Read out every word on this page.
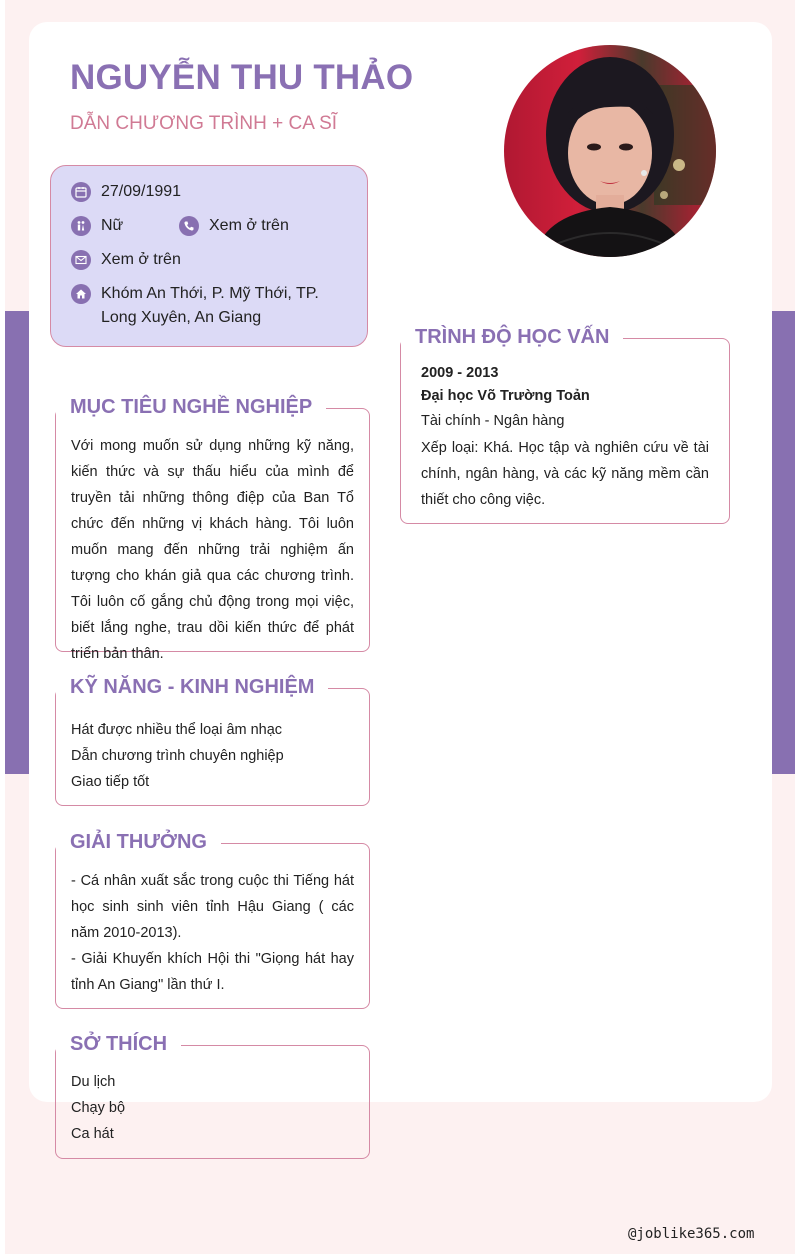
NGUYỄN THU THẢO
DẪN CHƯƠNG TRÌNH + CA SĨ
27/09/1991
Nữ	Xem ở trên
Xem ở trên
Khóm An Thới, P. Mỹ Thới, TP.
Long Xuyên, An Giang
TRÌNH ĐỘ HỌC VẤN
2009 - 2013
Đại học Võ Trường Toản
Tài chính - Ngân hàng
Xếp loại: Khá. Học tập và nghiên cứu về tài chính, ngân hàng, và các kỹ năng mềm cần thiết cho công việc.
MỤC TIÊU NGHỀ NGHIỆP
Với mong muốn sử dụng những kỹ năng, kiến thức và sự thấu hiểu của mình để truyền tải những thông điệp của Ban Tổ chức đến những vị khách hàng. Tôi luôn muốn mang đến những trải nghiệm ấn tượng cho khán giả qua các chương trình. Tôi luôn cố gắng chủ động trong mọi việc, biết lắng nghe, trau dồi kiến thức để phát triển bản thân.
KỸ NĂNG - KINH NGHIỆM
Hát được nhiều thể loại âm nhạc
Dẫn chương trình chuyên nghiệp
Giao tiếp tốt
GIẢI THƯỞNG
- Cá nhân xuất sắc trong cuộc thi Tiếng hát học sinh sinh viên tỉnh Hậu Giang ( các năm 2010-2013).
- Giải Khuyến khích Hội thi "Giọng hát hay tỉnh An Giang" lần thứ I.
SỞ THÍCH
Du lịch
Chạy bộ
Ca hát
@joblike365.com
